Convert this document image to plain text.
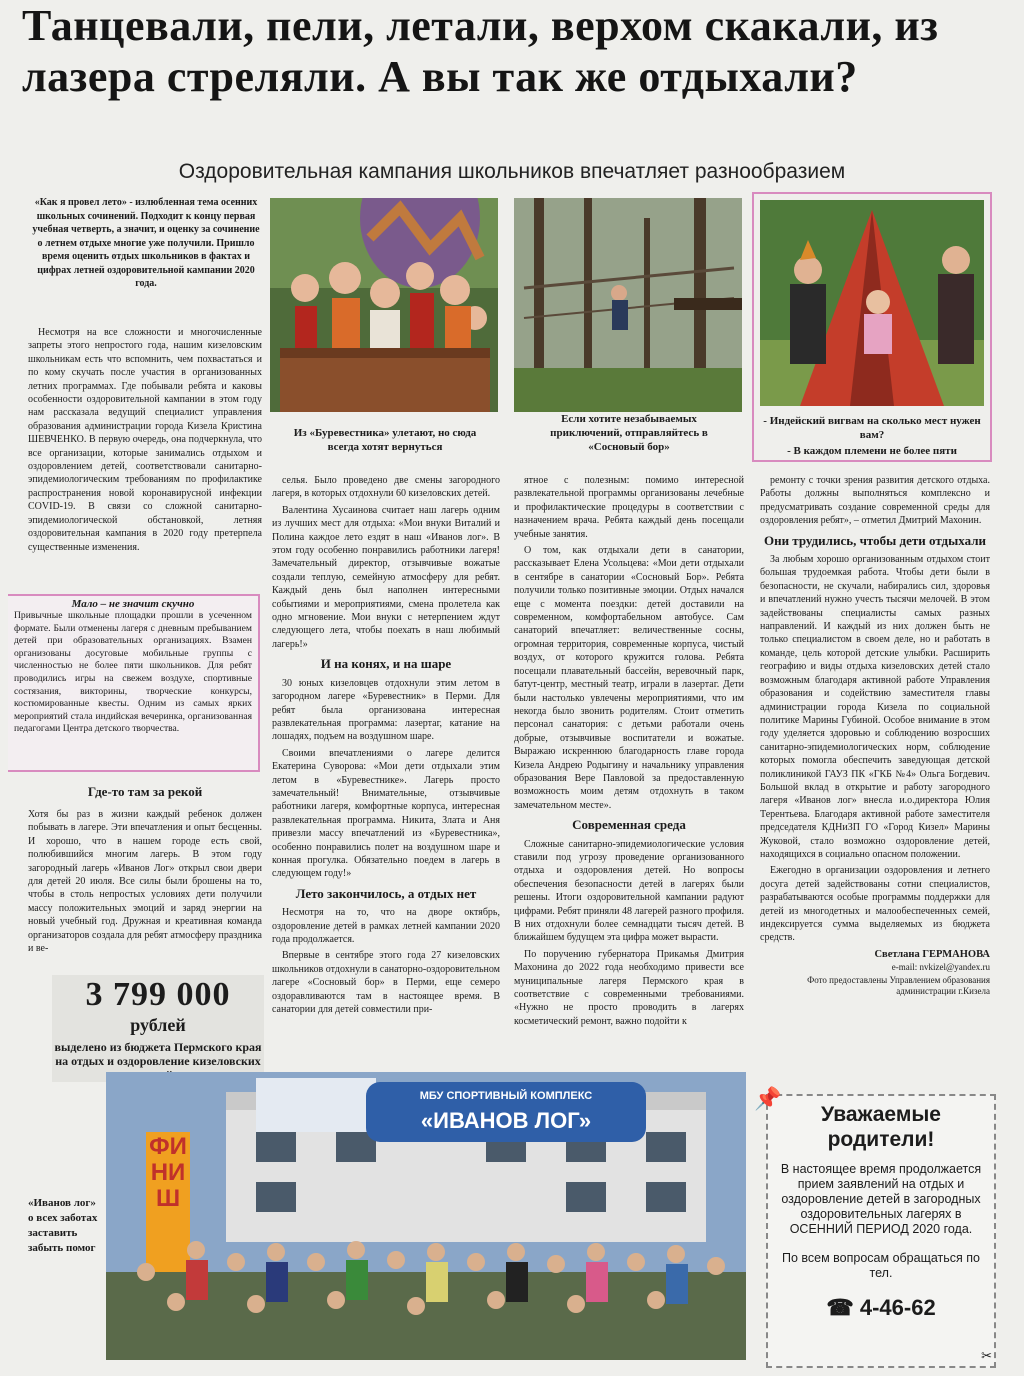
Танцевали, пели, летали, верхом скакали, из лазера стреляли. А вы так же отдыхали?
Оздоровительная кампания школьников впечатляет разнообразием
«Как я провел лето» - излюбленная тема осенних школьных сочинений. Подходит к концу первая учебная четверть, а значит, и оценку за сочинение о летнем отдыхе многие уже получили. Пришло время оценить отдых школьников в фактах и цифрах летней оздоровительной кампании 2020 года.

Несмотря на все сложности и многочисленные запреты этого непростого года, нашим кизеловским школьникам есть что вспомнить, чем похвастаться и по кому скучать после участия в организованных летних программах. Где побывали ребята и каковы особенности оздоровительной кампании в этом году нам рассказала ведущий специалист управления образования администрации города Кизела Кристина ШЕВЧЕНКО. В первую очередь, она подчеркнула, что все организации, которые занимались отдыхом и оздоровлением детей, соответствовали санитарно-эпидемиологическим требованиям по профилактике распространения новой коронавирусной инфекции COVID-19. В связи со сложной санитарно-эпидемиологической обстановкой, летняя оздоровительная кампания в 2020 году претерпела существенные изменения.

Мало – не значит скучно
Привычные школьные площадки прошли в усеченном формате. Были отменены лагеря с дневным пребыванием детей при образовательных организациях. Взамен организованы досуговые мобильные группы с численностью не более пяти школьников. Для ребят проводились игры на свежем воздухе, спортивные состязания, викторины, творческие конкурсы, костюмированные квесты. Одним из самых ярких мероприятий стала индийская вечеринка, организованная педагогами Центра детского творчества.
Где-то там за рекой
Хотя бы раз в жизни каждый ребенок должен побывать в лагере. Эти впечатления и опыт бесценны. И хорошо, что в нашем городе есть свой, полюбившийся многим лагерь. В этом году загородный лагерь «Иванов Лог» открыл свои двери для детей 20 июля. Все силы были брошены на то, чтобы в столь непростых условиях дети получили массу положительных эмоций и заряд энергии на новый учебный год. Дружная и креативная команда организаторов создала для ребят атмосферу праздника и ве-
3 799 000
рублей
выделено из бюджета Пермского края на отдых и оздоровление кизеловских
Из «Буревестника» улетают, но сюда всегда хотят вернуться
Если хотите незабываемых приключений, отправляйтесь в «Сосновый бор»
- Индейский вигвам на сколько мест нужен вам?
- В каждом племени не более пяти

селья. Было проведено две смены загородного лагеря, в которых отдохнули 60 кизеловских детей.

Валентина Хусаинова считает наш лагерь одним из лучших мест для отдыха: «Мои внуки Виталий и Полина каждое лето ездят в наш «Иванов лог». В этом году особенно понравились работники лагеря! Замечательный директор, отзывчивые вожатые создали теплую, семейную атмосферу для ребят. Каждый день был наполнен интересными событиями и мероприятиями, смена пролетела как одно мгновение. Мои внуки с нетерпением ждут следующего лета, чтобы поехать в наш любимый лагерь!»

И на конях, и на шаре

30 юных кизеловцев отдохнули этим летом в загородном лагере «Буревестник» в Перми. Для ребят была организована интересная развлекательная программа: лазертаг, катание на лошадях, подъем на воздушном шаре.

Своими впечатлениями о лагере делится Екатерина Суворова: «Мои дети отдыхали этим летом в «Буревестнике». Лагерь просто замечательный! Внимательные, отзывчивые работники лагеря, комфортные корпуса, интересная развлекательная программа. Никита, Злата и Аня привезли массу впечатлений из «Буревестника», особенно понравились полет на воздушном шаре и конная прогулка. Обязательно поедем в лагерь в следующем году!»

Лето закончилось, а отдых нет

Несмотря на то, что на дворе октябрь, оздоровление детей в рамках летней кампании 2020 года продолжается.

Впервые в сентябре этого года 27 кизеловских школьников отдохнули в санаторно-оздоровительном лагере «Сосновый бор» в Перми, еще семеро оздоравливаются там в настоящее время. В санатории для детей совместили при-

ятное с полезным: помимо интересной развлекательной программы организованы лечебные и профилактические процедуры в соответствии с назначением врача. Ребята каждый день посещали учебные занятия.

О том, как отдыхали дети в санатории, рассказывает Елена Усольцева: «Мои дети отдыхали в сентябре в санатории «Сосновый Бор». Ребята получили только позитивные эмоции. Отдых начался еще с момента поездки: детей доставили на современном, комфортабельном автобусе. Сам санаторий впечатляет: величественные сосны, огромная территория, современные корпуса, чистый воздух, от которого кружится голова. Ребята посещали плавательный бассейн, веревочный парк, батут-центр, местный театр, играли в лазертаг. Дети были настолько увлечены мероприятиями, что им некогда было звонить родителям. Стоит отметить персонал санатория: с детьми работали очень добрые, отзывчивые воспитатели и вожатые. Выражаю искреннюю благодарность главе города Кизела Андрею Родыгину и начальнику управления образования Вере Павловой за предоставленную возможность моим детям отдохнуть в таком замечательном месте».

Современная среда

Сложные санитарно-эпидемиологические условия ставили под угрозу проведение организованного отдыха и оздоровления детей. Но вопросы обеспечения безопасности детей в лагерях были решены. Итоги оздоровительной кампании радуют цифрами. Ребят приняли 48 лагерей разного профиля. В них отдохнули более семнадцати тысяч детей. В ближайшем будущем эта цифра может вырасти.

По поручению губернатора Прикамья Дмитрия Махонина до 2022 года необходимо привести все муниципальные лагеря Пермского края в соответствие с современными требованиями. «Нужно не просто проводить в лагерях косметический ремонт, важно подойти к

ремонту с точки зрения развития детского отдыха. Работы должны выполняться комплексно и предусматривать создание современной среды для оздоровления ребят», – отметил Дмитрий Махонин.

Они трудились, чтобы дети отдыхали

За любым хорошо организованным отдыхом стоит большая трудоемкая работа. Чтобы дети были в безопасности, не скучали, набирались сил, здоровья и впечатлений нужно учесть тысячи мелочей. В этом задействованы специалисты самых разных направлений. И каждый из них должен быть не только специалистом в своем деле, но и работать в команде, цель которой детские улыбки. Расширить географию и виды отдыха кизеловских детей стало возможным благодаря активной работе Управления образования и содействию заместителя главы администрации города Кизела по социальной политике Марины Губиной. Особое внимание в этом году уделяется здоровью и соблюдению возросших санитарно-эпидемиологических норм, соблюдение которых помогла обеспечить заведующая детской поликлиникой ГАУЗ ПК «ГКБ №4» Ольга Богдевич. Большой вклад в открытие и работу загородного лагеря «Иванов лог» внесла и.о.директора Юлия Терентьева. Благодаря активной работе заместителя председателя КДНиЗП ГО «Город Кизел» Марины Жуковой, стало возможно оздоровление детей, находящихся в социально опасном положении.

Ежегодно в организации оздоровления и летнего досуга детей задействованы сотни специалистов, разрабатываются особые программы поддержки для детей из многодетных и малообеспеченных семей, индексируется сумма выделяемых из бюджета средств.

Светлана ГЕРМАНОВА
e-mail: nvkizel@yandex.ru
Фото предоставлены Управлением образования администрации г.Кизела
МБУ СПОРТИВНЫЙ КОМПЛЕКС
«ИВАНОВ ЛОГ»
ФИНИШ
«Иванов лог» о всех заботах заставить забыть помог
📌
Уважаемые родители!
В настоящее время продолжается прием заявлений на отдых и оздоровление детей в загородных оздоровительных лагерях в ОСЕННИЙ ПЕРИОД 2020 года.
По всем вопросам обращаться по тел.
☎ 4-46-62
✂
